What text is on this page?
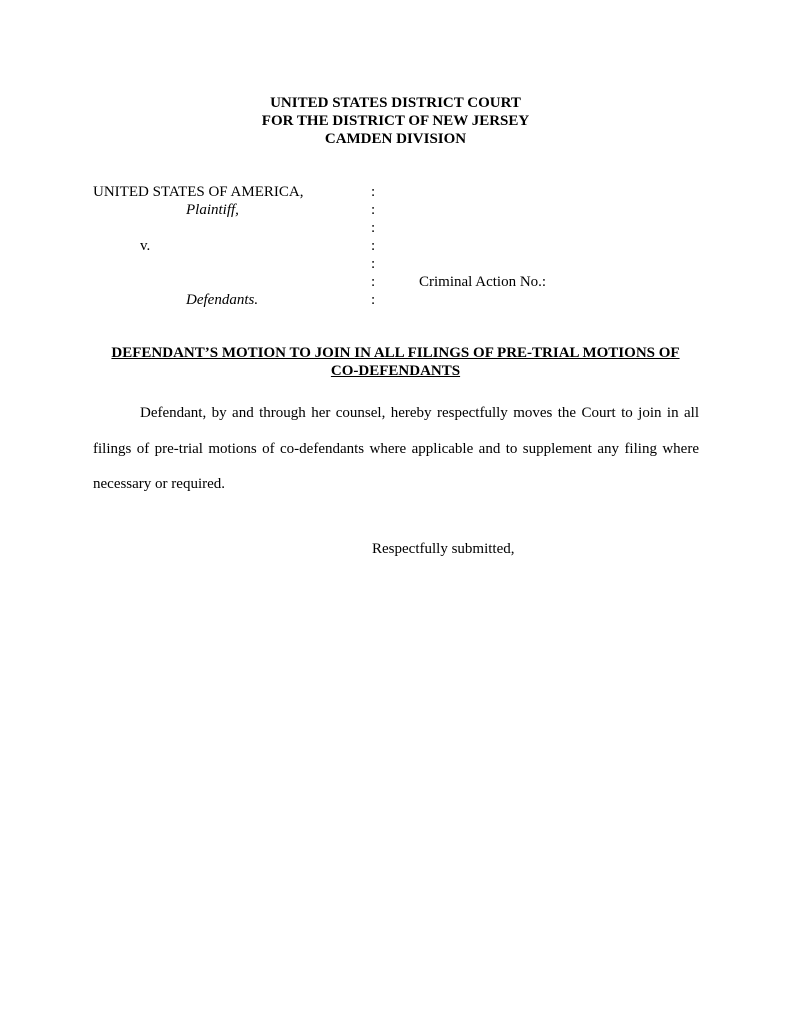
UNITED STATES DISTRICT COURT
FOR THE DISTRICT OF NEW JERSEY
CAMDEN DIVISION
UNITED STATES OF AMERICA,
Plaintiff,
v.
Defendants.
:
:
:
:
:
:
:
Criminal Action No.:
DEFENDANT’S MOTION TO JOIN IN ALL FILINGS OF PRE-TRIAL MOTIONS OF
CO-DEFENDANTS

Defendant, by and through her counsel, hereby respectfully moves the Court to join in all filings of pre-trial motions of co-defendants where applicable and to supplement any filing where necessary or required.

Respectfully submitted,
